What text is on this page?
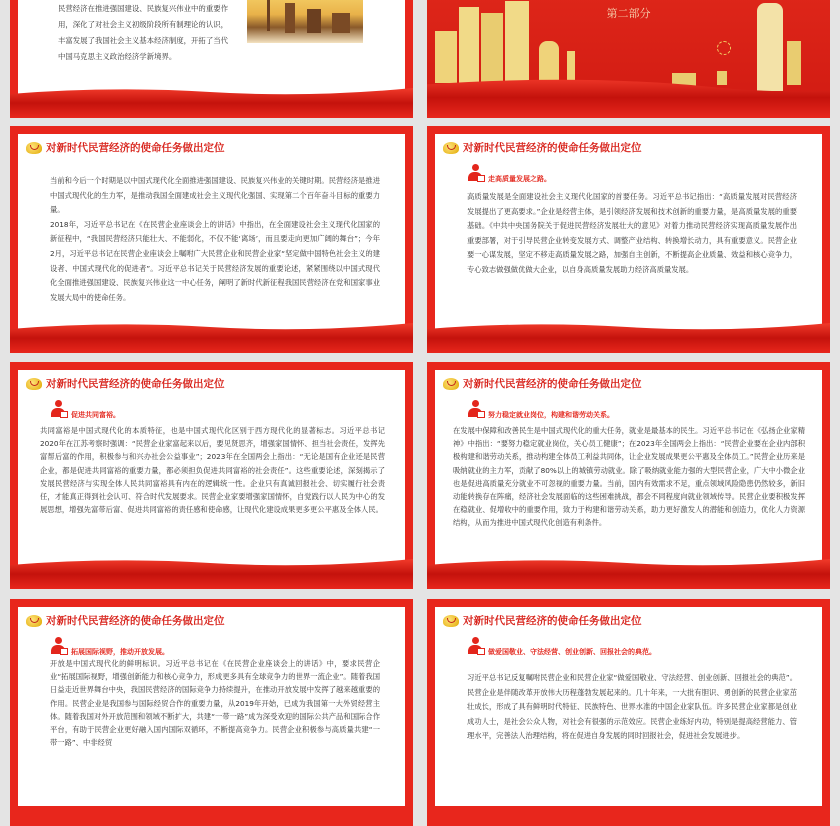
民营经济在推进强国建设、民族复兴伟业中的重要作用，深化了对社会主义初级阶段所有制理论的认识，丰富发展了我国社会主义基本经济制度，开拓了当代中国马克思主义政治经济学新境界。
第二部分
对新时代民营经济的使命任务做出定位
当前和今后一个时期是以中国式现代化全面推进强国建设、民族复兴伟业的关键时期。民营经济是推进中国式现代化的生力军，是推动我国全面建成社会主义现代化强国、实现第二个百年奋斗目标的重要力量。
2018年，习近平总书记在《在民营企业座谈会上的讲话》中指出，在全面建设社会主义现代化国家的新征程中，“我国民营经济只能壮大、不能弱化，不仅不能‘离场’，而且要走向更加广阔的舞台”；今年2月，习近平总书记在民营企业座谈会上嘱咐广大民营企业和民营企业家“坚定做中国特色社会主义的建设者、中国式现代化的促进者”。习近平总书记关于民营经济发展的重要论述，紧紧围绕以中国式现代化全面推进强国建设、民族复兴伟业这一中心任务，阐明了新时代新征程我国民营经济在党和国家事业发展大局中的使命任务。
对新时代民营经济的使命任务做出定位
走高质量发展之路。
高质量发展是全面建设社会主义现代化国家的首要任务。习近平总书记指出：“高质量发展对民营经济发展提出了更高要求。”企业是经营主体，是引领经济发展和技术创新的重要力量，是高质量发展的重要基础。《中共中央国务院关于促进民营经济发展壮大的意见》对着力推动民营经济实现高质量发展作出重要部署，对于引导民营企业转变发展方式、调整产业结构、转换增长动力，具有重要意义。民营企业要一心谋发展，坚定不移走高质量发展之路，加强自主创新，不断提高企业质量、效益和核心竞争力，专心致志做强做优做大企业，以自身高质量发展助力经济高质量发展。
对新时代民营经济的使命任务做出定位
促进共同富裕。
共同富裕是中国式现代化的本质特征，也是中国式现代化区别于西方现代化的显著标志。习近平总书记2020年在江苏考察时强调：“民营企业家富起来以后，要见贤思齐，增强家国情怀、担当社会责任，发挥先富帮后富的作用，积极参与和兴办社会公益事业”；2023年在全国两会上指出：“无论是国有企业还是民营企业，都是促进共同富裕的重要力量，都必须担负促进共同富裕的社会责任”。这些重要论述，深刻揭示了发展民营经济与实现全体人民共同富裕具有内在的逻辑统一性。企业只有真诚回报社会、切实履行社会责任，才能真正得到社会认可、符合时代发展要求。民营企业家要增强家国情怀，自觉践行以人民为中心的发展思想，增强先富带后富、促进共同富裕的责任感和使命感，让现代化建设成果更多更公平惠及全体人民。
对新时代民营经济的使命任务做出定位
努力稳定就业岗位，构建和谐劳动关系。
在发展中保障和改善民生是中国式现代化的重大任务，就业是最基本的民生。习近平总书记在《弘扬企业家精神》中指出：“要努力稳定就业岗位，关心员工健康”；在2023年全国两会上指出：“民营企业要在企业内部积极构建和谐劳动关系，推动构建全体员工利益共同体，让企业发展成果更公平惠及全体员工。”民营企业历来是吸纳就业的主力军，贡献了80%以上的城镇劳动就业。除了吸纳就业能力强的大型民营企业，广大中小微企业也是促进高质量充分就业不可忽视的重要力量。当前，国内有效需求不足，重点领域风险隐患仍然较多，新旧动能转换存在阵痛，经济社会发展面临的这些困难挑战，都会不同程度向就业领域传导。民营企业要积极发挥在稳就业、促增收中的重要作用，致力于构建和谐劳动关系，助力更好激发人的潜能和创造力，优化人力资源结构，从而为推进中国式现代化创造有利条件。
对新时代民营经济的使命任务做出定位
拓展国际视野，推动开放发展。
开放是中国式现代化的鲜明标识。习近平总书记在《在民营企业座谈会上的讲话》中，要求民营企业“拓展国际视野，增强创新能力和核心竞争力，形成更多具有全球竞争力的世界一流企业”。随着我国日益走近世界舞台中央，我国民营经济的国际竞争力持续提升，在推动开放发展中发挥了越来越重要的作用。民营企业是我国参与国际经贸合作的重要力量，从2019年开始，已成为我国第一大外贸经营主体。随着我国对外开放范围和领域不断扩大，共建“一带一路”成为深受欢迎的国际公共产品和国际合作平台，有助于民营企业更好融入国内国际双循环，不断提高竞争力。民营企业积极参与高质量共建“一带一路”、中非经贸
对新时代民营经济的使命任务做出定位
做爱国敬业、守法经营、创业创新、回报社会的典范。
习近平总书记反复嘱咐民营企业和民营企业家“做爱国敬业、守法经营、创业创新、回报社会的典范”。民营企业是伴随改革开放伟大历程蓬勃发展起来的。几十年来，一大批有胆识、勇创新的民营企业家茁壮成长，形成了具有鲜明时代特征、民族特色、世界水准的中国企业家队伍。许多民营企业家都是创业成功人士，是社会公众人物，对社会有很强的示范效应。民营企业练好内功，特别是提高经营能力、管理水平，完善法人治理结构，将在促进自身发展的同时回报社会，促进社会发展进步。
